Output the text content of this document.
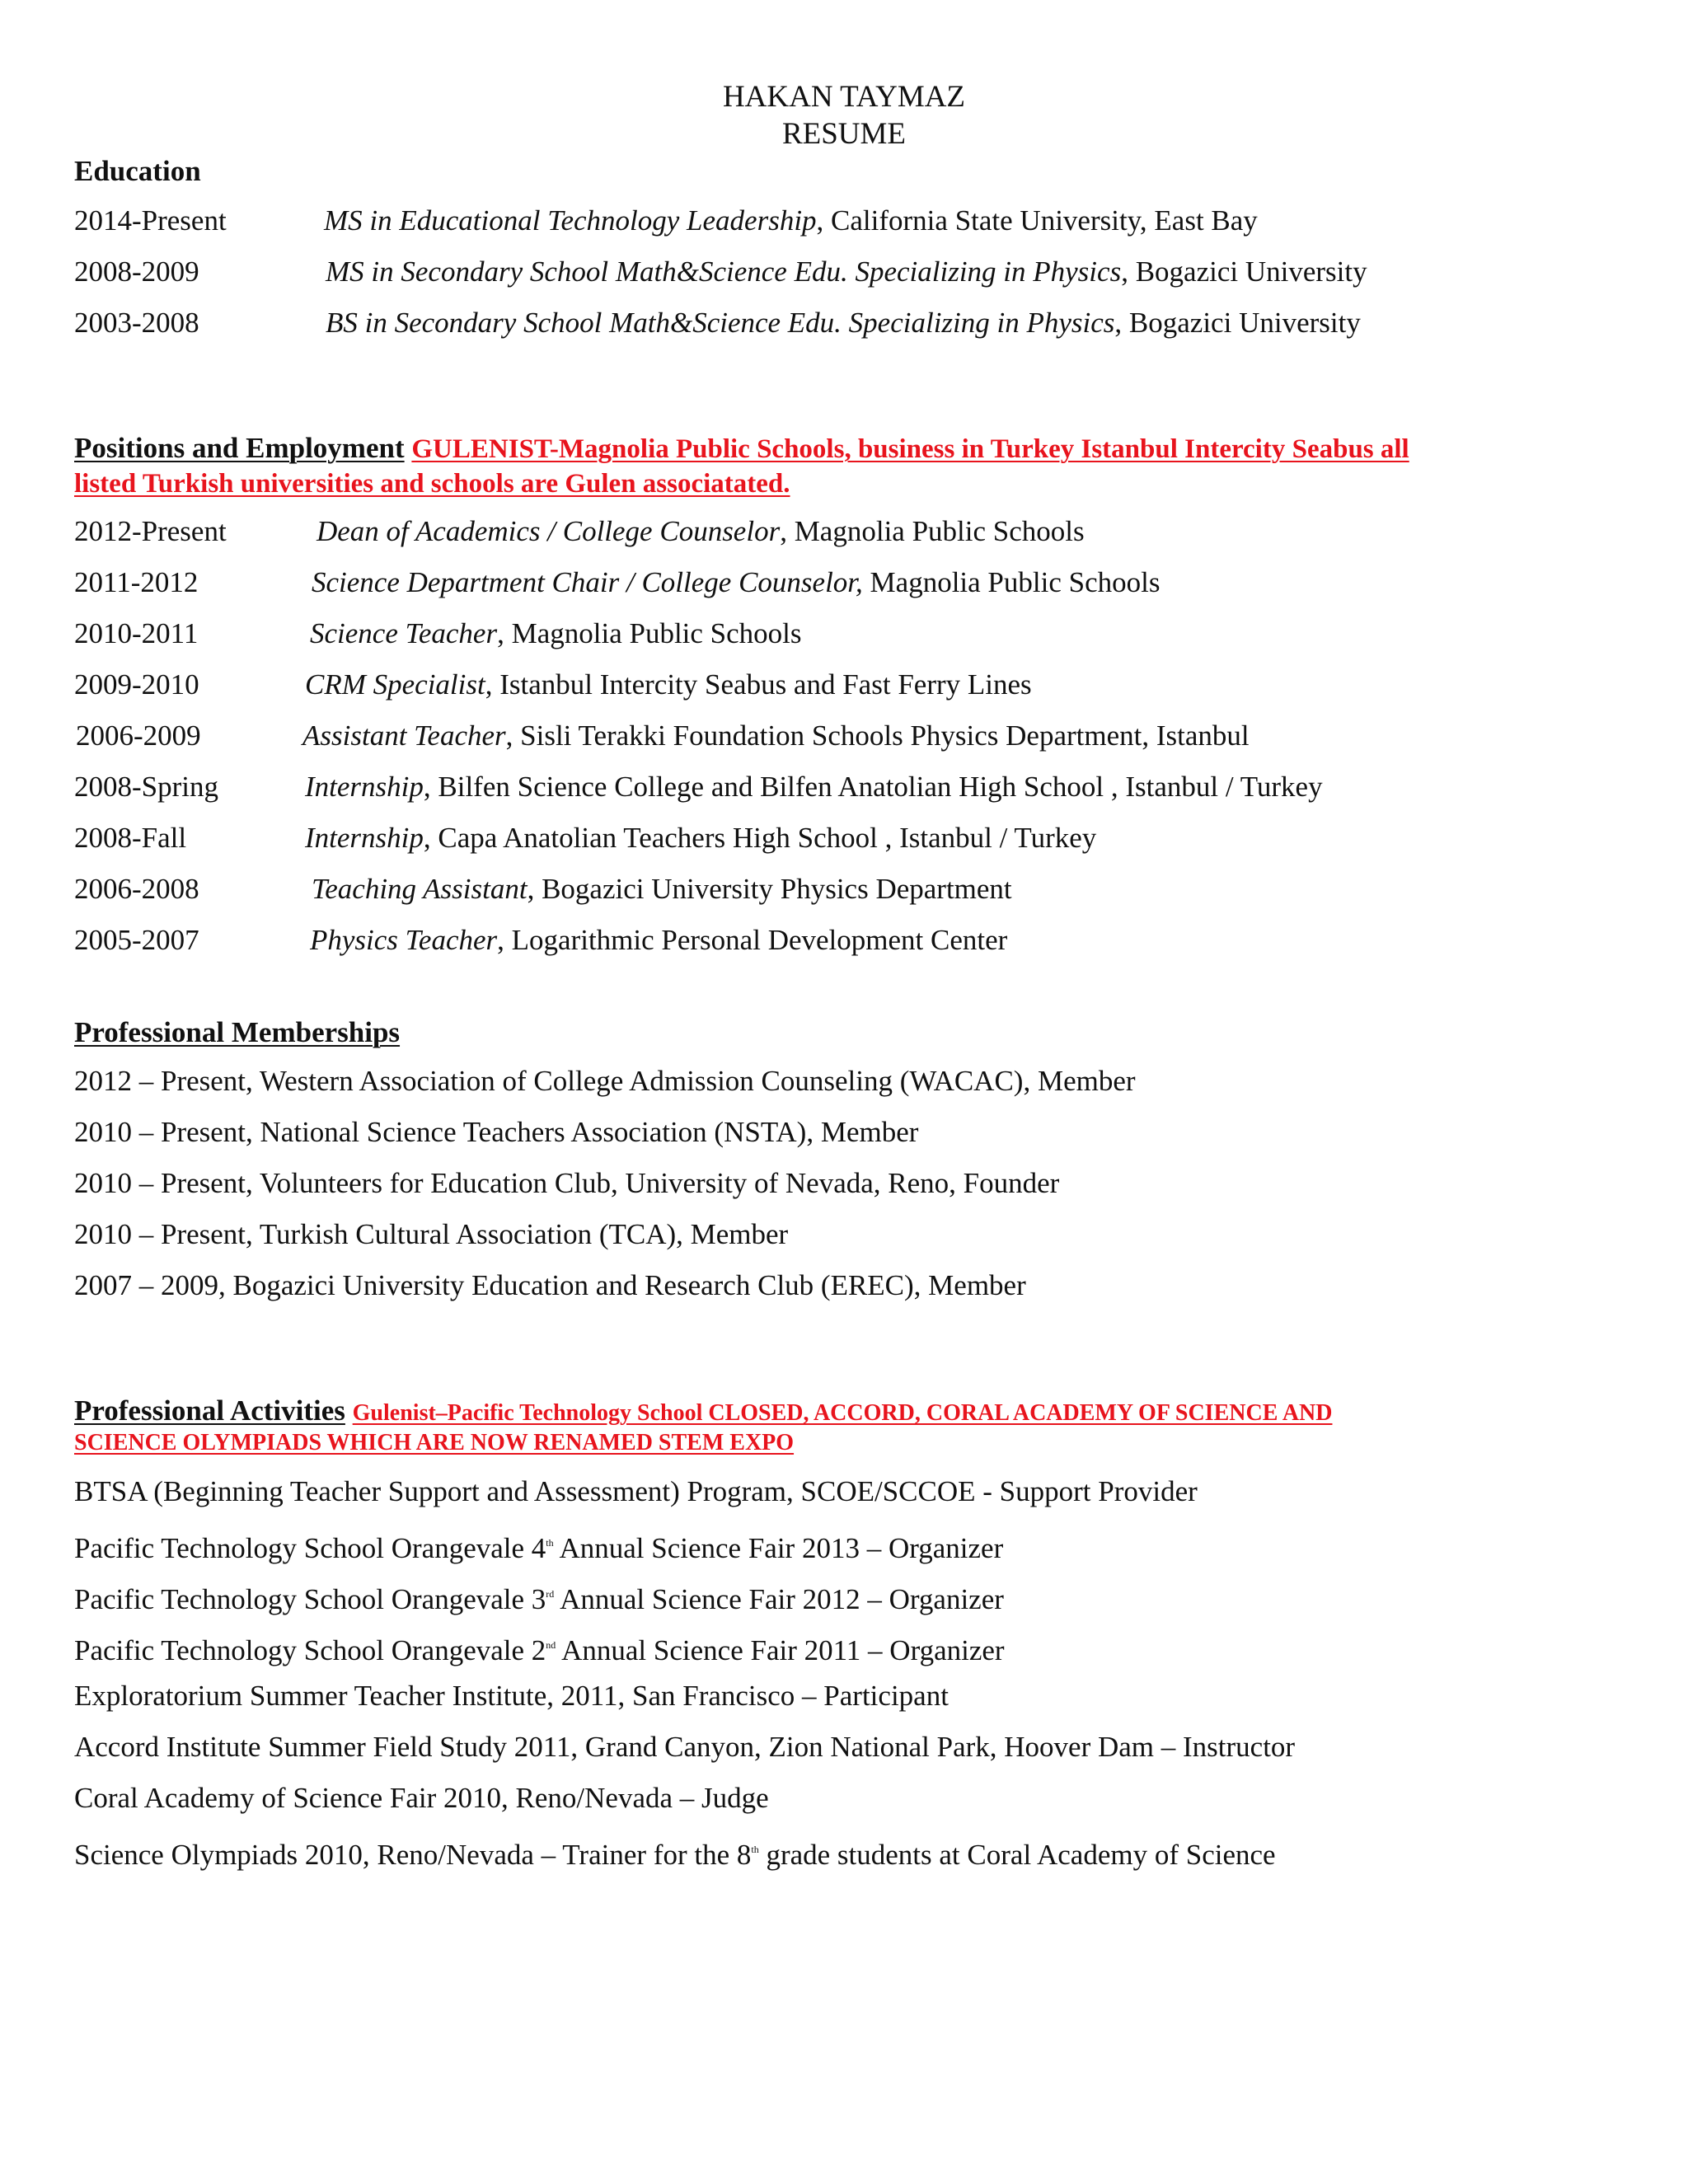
HAKAN TAYMAZ
RESUME
Education
2014-Present	MS in Educational Technology Leadership, California State University, East Bay
2008-2009	MS in Secondary School Math&Science Edu. Specializing in Physics, Bogazici University
2003-2008	BS in Secondary School Math&Science Edu. Specializing in Physics, Bogazici University
Positions and Employment GULENIST-Magnolia Public Schools, business in Turkey Istanbul Intercity Seabus all
listed Turkish universities and schools are Gulen associatated.
2012-Present	Dean of Academics / College Counselor, Magnolia Public Schools
2011-2012	Science Department Chair / College Counselor, Magnolia Public Schools
2010-2011	Science Teacher, Magnolia Public Schools
2009-2010	CRM Specialist, Istanbul Intercity Seabus and Fast Ferry Lines
2006-2009	Assistant Teacher, Sisli Terakki Foundation Schools Physics Department, Istanbul
2008-Spring	Internship, Bilfen Science College and Bilfen Anatolian High School , Istanbul / Turkey
2008-Fall	Internship, Capa Anatolian Teachers High School , Istanbul / Turkey
2006-2008	Teaching Assistant, Bogazici University Physics Department
2005-2007	Physics Teacher, Logarithmic Personal Development Center
Professional Memberships
2012 – Present, Western Association of College Admission Counseling (WACAC), Member
2010 – Present, National Science Teachers Association (NSTA), Member
2010 – Present, Volunteers for Education Club, University of Nevada, Reno, Founder
2010 – Present, Turkish Cultural Association (TCA), Member
2007 – 2009, Bogazici University Education and Research Club (EREC), Member
Professional Activities Gulenist–Pacific Technology School CLOSED, ACCORD, CORAL ACADEMY OF SCIENCE AND
SCIENCE OLYMPIADS WHICH ARE NOW RENAMED STEM EXPO
BTSA (Beginning Teacher Support and Assessment) Program, SCOE/SCCOE - Support Provider
Pacific Technology School Orangevale 4th Annual Science Fair 2013 – Organizer
Pacific Technology School Orangevale 3rd Annual Science Fair 2012 – Organizer
Pacific Technology School Orangevale 2nd Annual Science Fair 2011 – Organizer
Exploratorium Summer Teacher Institute, 2011, San Francisco – Participant
Accord Institute Summer Field Study 2011, Grand Canyon, Zion National Park, Hoover Dam – Instructor
Coral Academy of Science Fair 2010, Reno/Nevada – Judge
Science Olympiads 2010, Reno/Nevada – Trainer for the 8th grade students at Coral Academy of Science
